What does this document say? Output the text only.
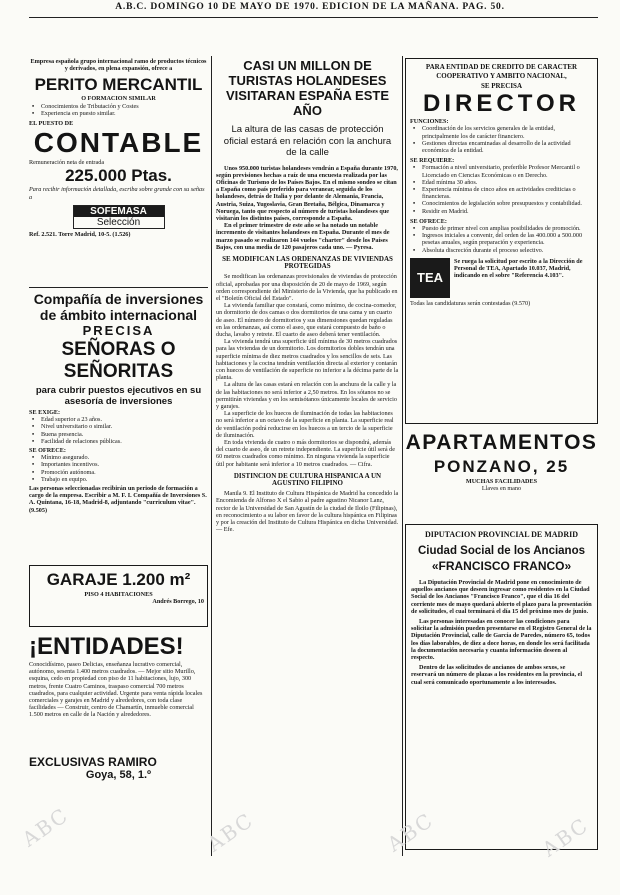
A.B.C. DOMINGO 10 DE MAYO DE 1970. EDICION DE LA MAÑANA. PAG. 50.

Empresa española grupo internacional ramo de productos técnicos y derivados, en plena expansión, ofrece a

PERITO MERCANTIL

O FORMACION SIMILAR

• Conocimientos de Tributación y Costes
• Experiencia en puesto similar.

EL PUESTO DE

CONTABLE

Remuneración neta de entrada

225.000 Ptas.

Para recibir información detallada, escriba sobre grande con su señas a

SOFEMASA
Selección

Ref. 2.521. Torre Madrid, 10-5. (1.526)

Compañía de inversiones de ámbito internacional
PRECISA
SEÑORAS O SEÑORITAS
para cubrir puestos ejecutivos en su asesoría de inversiones

SE EXIGE:

• Edad superior a 23 años.
• Nivel universitario o similar.
• Buena presencia.
• Facilidad de relaciones públicas.

SE OFRECE:

• Mínimo asegurado.
• Importantes incentivos.
• Promoción autónoma.
• Trabajo en equipo.

Las personas seleccionadas recibirán un periodo de formación a cargo de la empresa. Escribir a M. F. I. Compañía de Inversiones S. A. Quintana, 16-18, Madrid-8, adjuntando "curriculum vitae". (9.505)

GARAJE 1.200 m²

PISO 4 HABITACIONES

Andrés Borrego, 10

¡ENTIDADES!

Conocidísimo, paseo Delicias, enseñanza lucrativo comercial, autónomo, sesenta 1.400 metros cuadrados. — Mejor sitio Murillo, esquina, cedo en propiedad con piso de 11 habitaciones, lujo, 300 metros, frente Cuatro Caminos, traspaso comercial 700 metros cuadrados, para cualquier actividad. Urgente para venta rápida locales comerciales y garajes en Madrid y alrededores, con toda clase facilidades — Construir, centro de Chamartín, inmueble comercial 1.500 metros en calle de la Nación y alrededores.

EXCLUSIVAS RAMIRO
Goya, 58, 1.º
CASI UN MILLON DE TURISTAS HOLANDESES VISITARAN ESPAÑA ESTE AÑO
La altura de las casas de protección oficial estará en relación con la anchura de la calle

Unos 950.000 turistas holandeses vendrán a España durante 1970, según previsiones hechas a raíz de una encuesta realizada por las Oficinas de Turismo de los Países Bajos. En el mismo sondeo se citan a España como país preferido para veranear, seguida de los holandeses, detrás de Italia y por delante de Alemania, Francia, Austria, Suiza, Yugoslavia, Gran Bretaña, Bélgica, Dinamarca y Noruega, tanto que respecto al número de turistas holandeses que visitarán los distintos países, corresponde a España.

En el primer trimestre de este año se ha notado un notable incremento de visitantes holandeses en España. Durante el mes de marzo pasado se realizaron 144 vuelos "charter" desde los Países Bajos, con una media de 120 pasajeros cada uno. — Pyresa.

SE MODIFICAN LAS ORDENANZAS DE VIVIENDAS PROTEGIDAS

Se modifican las ordenanzas provisionales de viviendas de protección oficial, aprobadas por una disposición de 20 de mayo de 1969, según orden correspondiente del Ministerio de la Vivienda, que ha publicado en el "Boletín Oficial del Estado".

La vivienda familiar que constará, como mínimo, de cocina-comedor, un dormitorio de dos camas o dos dormitorios de una cama y un cuarto de aseo. El número de dormitorios y sus dimensiones quedan reguladas en las ordenanzas, así como el aseo, que estará compuesto de baño o ducha, lavabo y retrete. El cuarto de aseo deberá tener ventilación.

La vivienda tendrá una superficie útil mínima de 30 metros cuadrados para las viviendas de un dormitorio. Los dormitorios dobles tendrán una superficie mínima de diez metros cuadrados y los sencillos de seis. Las habitaciones y la cocina tendrán ventilación directa al exterior y contarán con huecos de ventilación de superficie no inferior a la décima parte de la planta.

La altura de las casas estará en relación con la anchura de la calle y la de las habitaciones no será inferior a 2,50 metros. En los sótanos no se permitirán viviendas y en los semisótanos únicamente locales de servicio y garajes.

La superficie de los huecos de iluminación de todas las habitaciones no será inferior a un octavo de la superficie en planta. La superficie real de ventilación podrá reducirse en los huecos a un tercio de la superficie de iluminación.

En toda vivienda de cuatro o más dormitorios se dispondrá, además del cuarto de aseo, de un retrete independiente. La superficie útil será de 60 metros cuadrados como mínimo. En ninguna vivienda la superficie útil por habitante será inferior a 10 metros cuadrados. — Cifra.

DISTINCION DE CULTURA HISPANICA A UN AGUSTINO FILIPINO

Manila 9. El Instituto de Cultura Hispánica de Madrid ha concedido la Encomienda de Alfonso X el Sabio al padre agustino Nicanor Lanz, rector de la Universidad de San Agustín de la ciudad de Iloilo (Filipinas), en reconocimiento a su labor en favor de la cultura hispánica en Filipinas y por la creación del Instituto de Cultura Hispánica en dicha Universidad. — Efe.

PARA ENTIDAD DE CREDITO DE CARACTER COOPERATIVO Y AMBITO NACIONAL,

SE PRECISA

DIRECTOR

FUNCIONES:

• Coordinación de los servicios generales de la entidad, principalmente los de carácter financiero.
• Gestiones directas encaminadas al desarrollo de la actividad económica de la entidad.

SE REQUIERE:

• Formación a nivel universitario, preferible Profesor Mercantil o Licenciado en Ciencias Económicas o en Derecho.
• Edad mínima 30 años.
• Experiencia mínima de cinco años en actividades crediticias o financieras.
• Conocimientos de legislación sobre presupuestos y contabilidad.
• Residir en Madrid.

SE OFRECE:

• Puesto de primer nivel con amplias posibilidades de promoción.
• Ingresos iniciales a convenir, del orden de las 400.000 a 500.000 pesetas anuales, según preparación y experiencia.
• Absoluta discreción durante el proceso selectivo.
TEA

Se ruega la solicitud por escrito a la Dirección de Personal de TEA, Apartado 10.037, Madrid, indicando en el sobre "Referencia 4.103".

Todas las candidaturas serán contestadas (9.570)

APARTAMENTOS
PONZANO, 25

MUCHAS FACILIDADES

Llaves en mano

DIPUTACION PROVINCIAL DE MADRID

Ciudad Social de los Ancianos
«FRANCISCO FRANCO»

La Diputación Provincial de Madrid pone en conocimiento de aquellos ancianos que deseen ingresar como residentes en la Ciudad Social de los Ancianos "Francisco Franco", que el día 16 del corriente mes de mayo quedará abierto el plazo para la presentación de solicitudes, el cual terminará el día 15 del próximo mes de junio.

Las personas interesadas en conocer las condiciones para solicitar la admisión pueden presentarse en el Registro General de la Diputación Provincial, calle de García de Paredes, número 65, todos los días laborables, de diez a doce horas, en donde les será facilitada la documentación necesaria y cuanta información deseen al respecto.

Dentro de las solicitudes de ancianos de ambos sexos, se reservará un número de plazas a los residentes en la provincia, el cual será comunicado oportunamente a los interesados.

ABC	ABC	ABC	ABC
